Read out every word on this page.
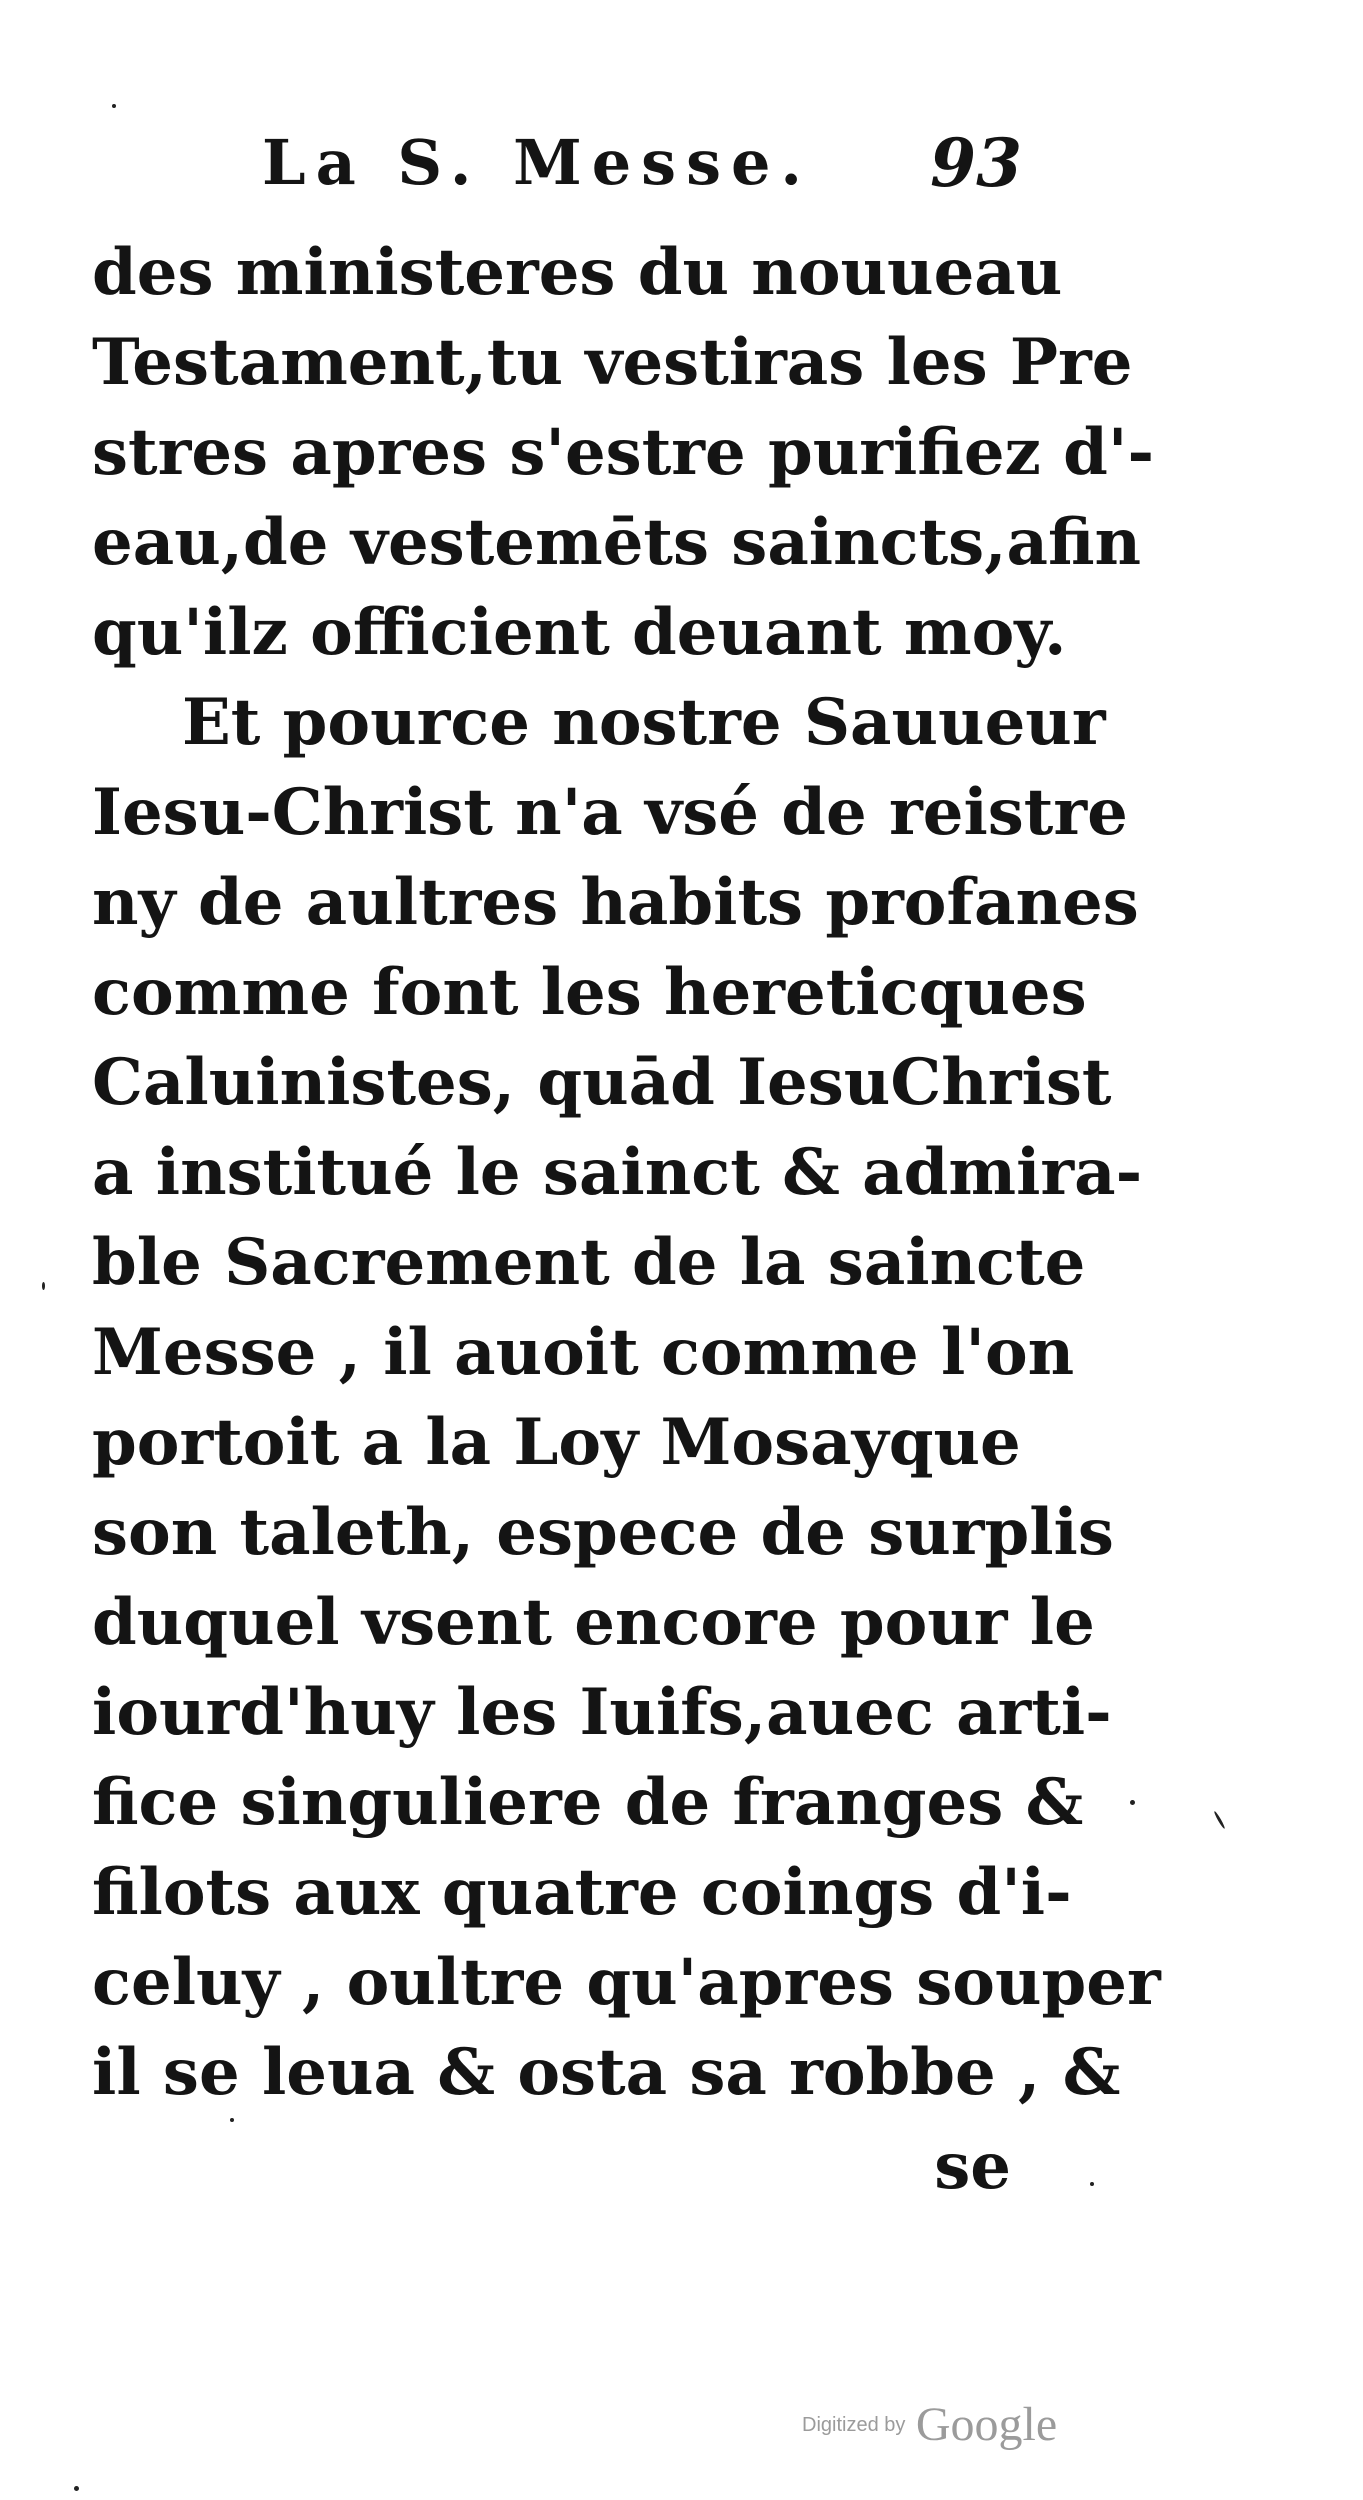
La S. Messe. 93
des ministeres du nouueau
Testament,tu vestiras les Pre
stres apres s'estre purifiez d'-
eau,de vestemēts saincts,afin
qu'ilz officient deuant moy.
Et pource nostre Sauueur
Iesu-Christ n'a vsé de reistre
ny de aultres habits profanes
comme font les hereticques
Caluinistes, quād IesuChrist
a institué le sainct & admira-
ble Sacrement de la saincte
Messe , il auoit comme l'on
portoit a la Loy Mosayque
son taleth, espece de surplis
duquel vsent encore pour le
iourd'huy les Iuifs,auec arti-
fice singuliere de franges &
filots aux quatre coings d'i-
celuy , oultre qu'apres souper
il se leua & osta sa robbe , &
se
Digitized by Google
